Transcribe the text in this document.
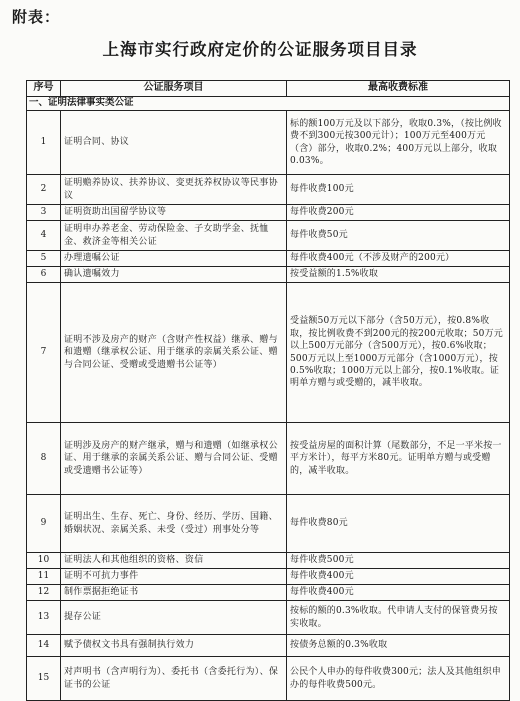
附表：
上海市实行政府定价的公证服务项目目录
序号	公证服务项目	最高收费标准
一、证明法律事实类公证		
1	证明合同、协议	标的额100万元及以下部分，收取0.3%，（按比例收费不到300元按300元计）；100万元至400万元（含）部分，收取0.2%；400万元以上部分，收取0.03%。
2	证明赡养协议、扶养协议、变更抚养权协议等民事协议	每件收费100元
3	证明资助出国留学协议等	每件收费200元
4	证明申办养老金、劳动保险金、子女助学金、抚恤金、救济金等相关公证	每件收费50元
5	办理遗嘱公证	每件收费400元（不涉及财产的200元）
6	确认遗嘱效力	按受益额的1.5%收取
7	证明不涉及房产的财产（含财产性权益）继承、赠与和遗赠（继承权公证、用于继承的亲属关系公证、赠与合同公证、受赠或受遗赠书公证等）	受益额50万元以下部分（含50万元），按0.8%收取，按比例收费不到200元的按200元收取；50万元以上500万元部分（含500万元），按0.6%收取；500万元以上至1000万元部分（含1000万元），按0.5%收取；1000万元以上部分，按0.1%收取。证明单方赠与或受赠的，减半收取。
8	证明涉及房产的财产继承，赠与和遗赠（如继承权公证、用于继承的亲属关系公证、赠与合同公证、受赠或受遗赠书公证等）	按受益房屋的面积计算（尾数部分，不足一平米按一平方米计），每平方米80元。证明单方赠与或受赠的，减半收取。
9	证明出生、生存、死亡、身份、经历、学历、国籍、婚姻状况、亲属关系、未受（受过）刑事处分等	每件收费80元
10	证明法人和其他组织的资格、资信	每件收费500元
11	证明不可抗力事件	每件收费400元
12	制作票据拒绝证书	每件收费400元
13	提存公证	按标的额的0.3%收取。代申请人支付的保管费另按实收取。
14	赋予债权文书具有强制执行效力	按债务总额的0.3%收取
15	对声明书（含声明行为）、委托书（含委托行为）、保证书的公证	公民个人申办的每件收费300元；法人及其他组织申办的每件收费500元。
